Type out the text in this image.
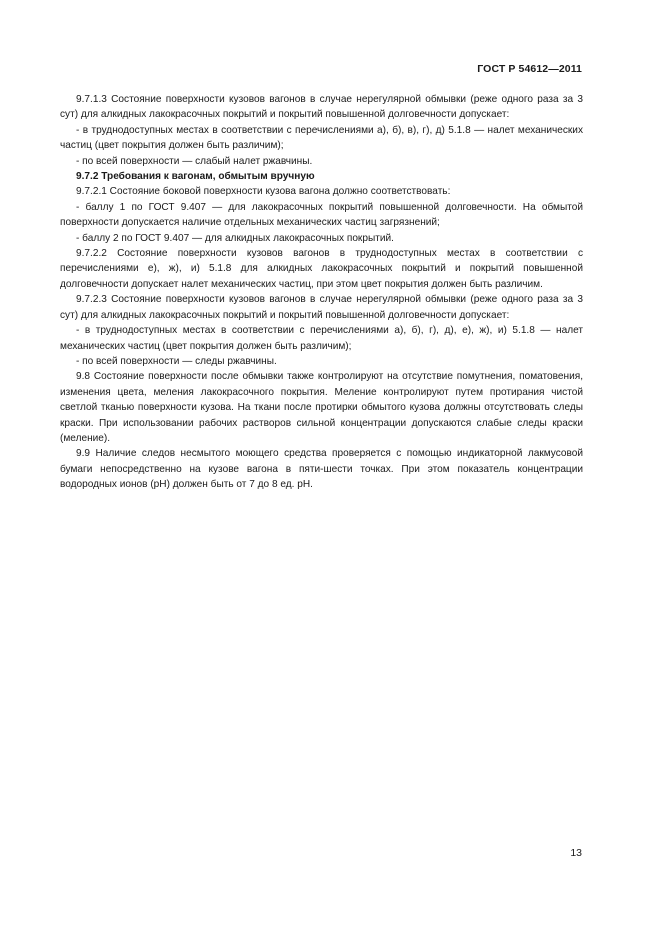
ГОСТ Р 54612—2011

9.7.1.3 Состояние поверхности кузовов вагонов в случае нерегулярной обмывки (реже одного раза за 3 сут) для алкидных лакокрасочных покрытий и покрытий повышенной долговечности допускает:

- в труднодоступных местах в соответствии с перечислениями а), б), в), г), д) 5.1.8 — налет механических частиц (цвет покрытия должен быть различим);

- по всей поверхности — слабый налет ржавчины.

9.7.2 Требования к вагонам, обмытым вручную

9.7.2.1 Состояние боковой поверхности кузова вагона должно соответствовать:

- баллу 1 по ГОСТ 9.407 — для лакокрасочных покрытий повышенной долговечности. На обмытой поверхности допускается наличие отдельных механических частиц загрязнений;

- баллу 2 по ГОСТ 9.407 — для алкидных лакокрасочных покрытий.

9.7.2.2 Состояние поверхности кузовов вагонов в труднодоступных местах в соответствии с перечислениями е), ж), и) 5.1.8 для алкидных лакокрасочных покрытий и покрытий повышенной долговечности допускает налет механических частиц, при этом цвет покрытия должен быть различим.

9.7.2.3 Состояние поверхности кузовов вагонов в случае нерегулярной обмывки (реже одного раза за 3 сут) для алкидных лакокрасочных покрытий и покрытий повышенной долговечности допускает:

- в труднодоступных местах в соответствии с перечислениями а), б), г), д), е), ж), и) 5.1.8 — налет механических частиц (цвет покрытия должен быть различим);

- по всей поверхности — следы ржавчины.

9.8 Состояние поверхности после обмывки также контролируют на отсутствие помутнения, поматовения, изменения цвета, меления лакокрасочного покрытия. Меление контролируют путем протирания чистой светлой тканью поверхности кузова. На ткани после протирки обмытого кузова должны отсутствовать следы краски. При использовании рабочих растворов сильной концентрации допускаются слабые следы краски (меление).

9.9 Наличие следов несмытого моющего средства проверяется с помощью индикаторной лакмусовой бумаги непосредственно на кузове вагона в пяти-шести точках. При этом показатель концентрации водородных ионов (pH) должен быть от 7 до 8 ед. pH.

13
